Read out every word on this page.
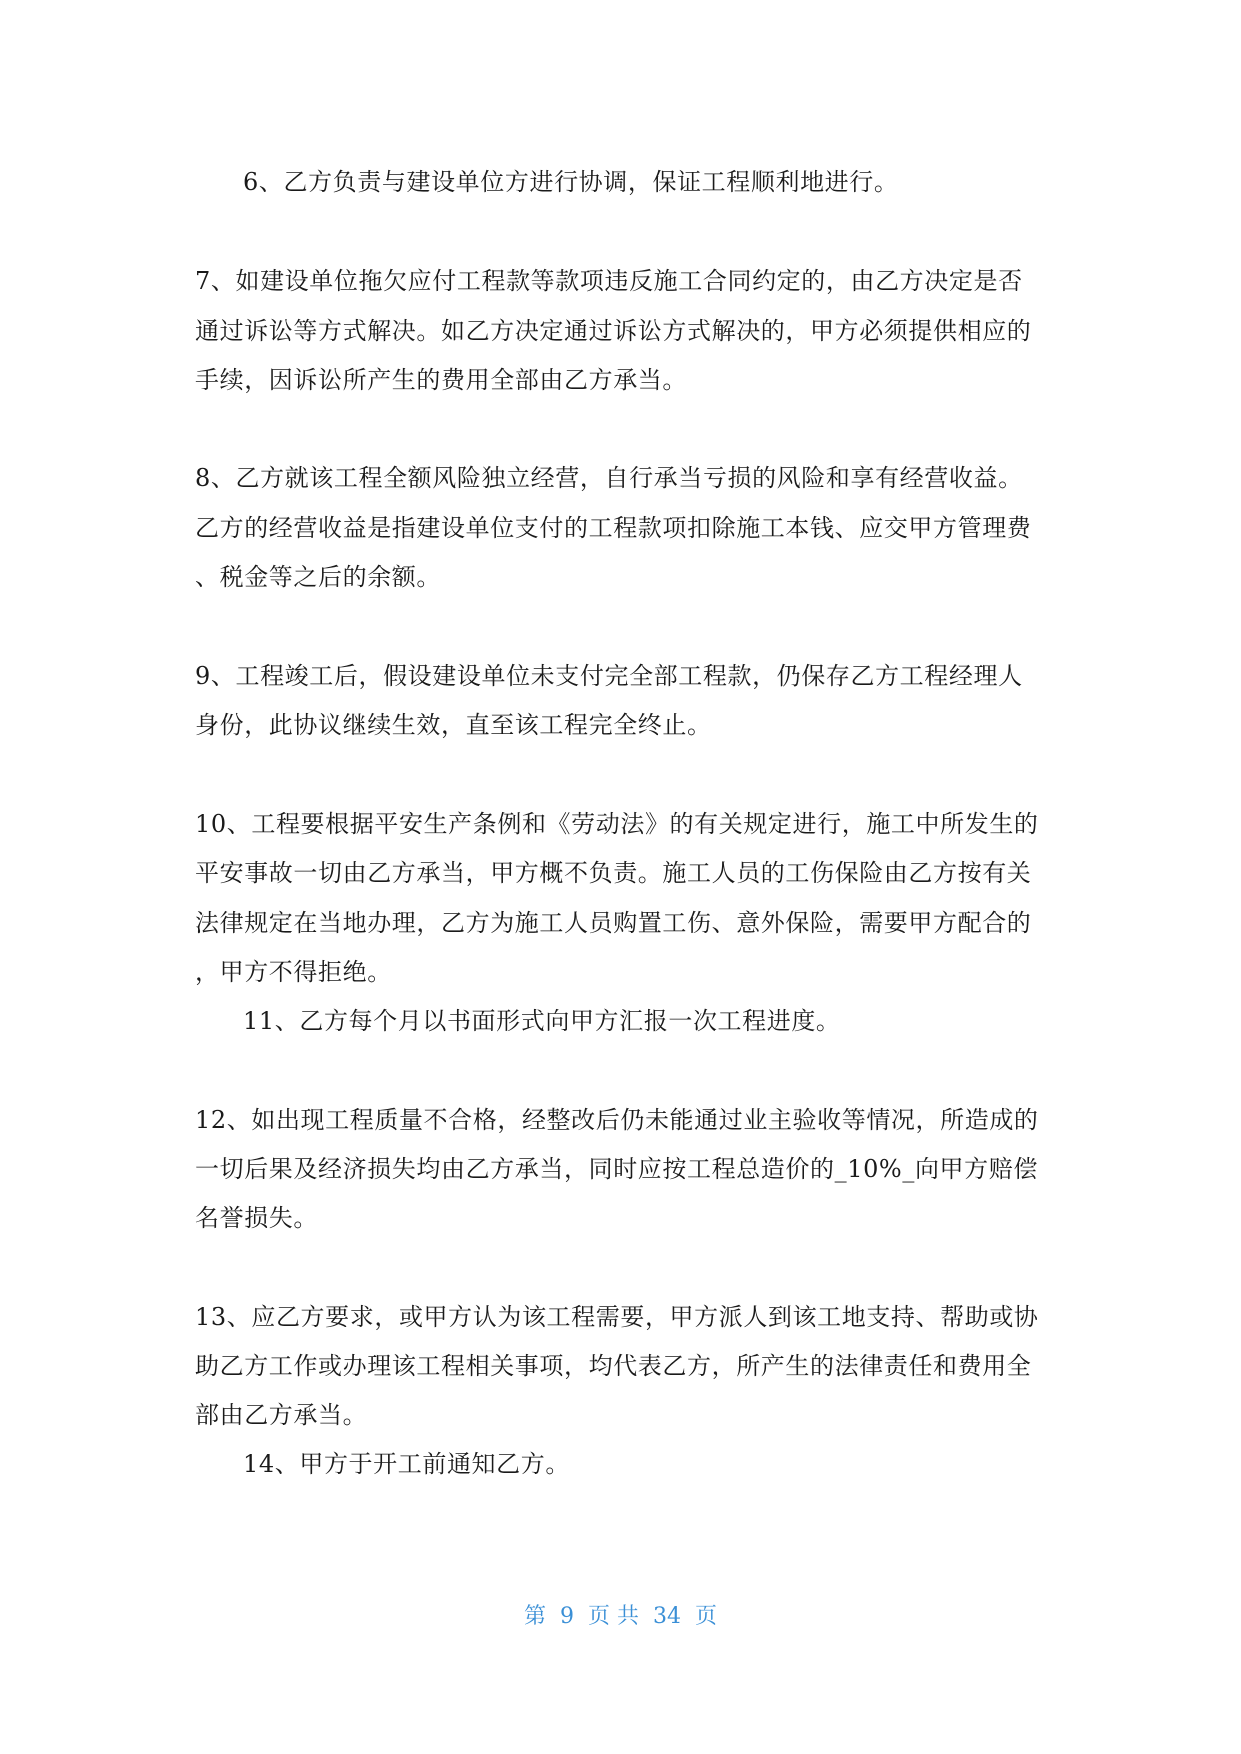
6、乙方负责与建设单位方进行协调，保证工程顺利地进行。
7、如建设单位拖欠应付工程款等款项违反施工合同约定的，由乙方决定是否
通过诉讼等方式解决。如乙方决定通过诉讼方式解决的，甲方必须提供相应的
手续，因诉讼所产生的费用全部由乙方承当。
8、乙方就该工程全额风险独立经营，自行承当亏损的风险和享有经营收益。
乙方的经营收益是指建设单位支付的工程款项扣除施工本钱、应交甲方管理费
、税金等之后的余额。
9、工程竣工后，假设建设单位未支付完全部工程款，仍保存乙方工程经理人
身份，此协议继续生效，直至该工程完全终止。
10、工程要根据平安生产条例和《劳动法》的有关规定进行，施工中所发生的
平安事故一切由乙方承当，甲方概不负责。施工人员的工伤保险由乙方按有关
法律规定在当地办理，乙方为施工人员购置工伤、意外保险，需要甲方配合的
，甲方不得拒绝。
11、乙方每个月以书面形式向甲方汇报一次工程进度。
12、如出现工程质量不合格，经整改后仍未能通过业主验收等情况，所造成的
一切后果及经济损失均由乙方承当，同时应按工程总造价的_10%_向甲方赔偿
名誉损失。
13、应乙方要求，或甲方认为该工程需要，甲方派人到该工地支持、帮助或协
助乙方工作或办理该工程相关事项，均代表乙方，所产生的法律责任和费用全
部由乙方承当。
14、甲方于开工前通知乙方。
第  9  页 共  34  页
